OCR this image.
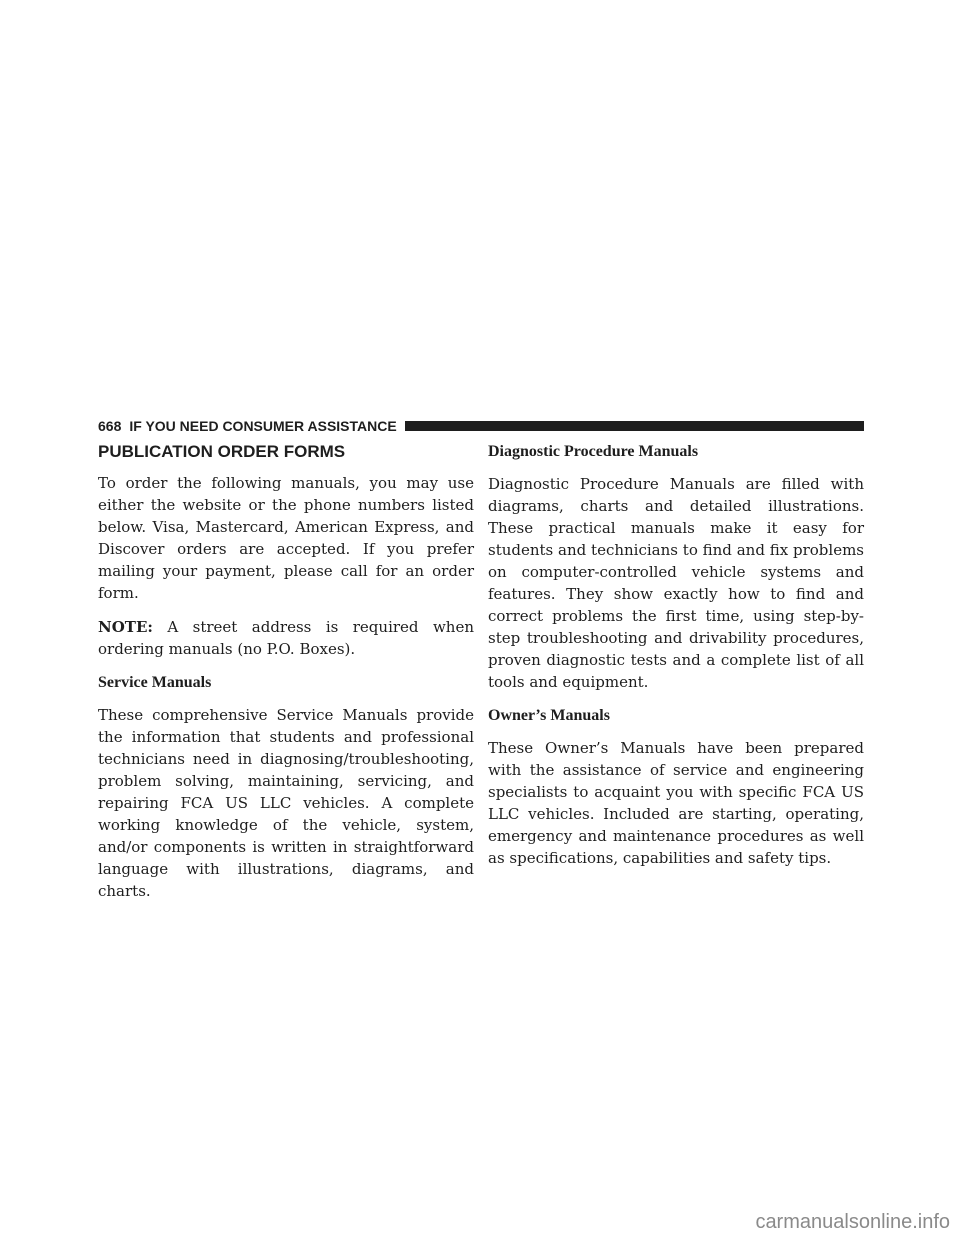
668 IF YOU NEED CONSUMER ASSISTANCE
PUBLICATION ORDER FORMS

To order the following manuals, you may use either the website or the phone numbers listed below. Visa, Mastercard, American Express, and Discover orders are accepted. If you prefer mailing your payment, please call for an order form.

NOTE: A street address is required when ordering manuals (no P.O. Boxes).

Service Manuals

These comprehensive Service Manuals provide the information that students and professional technicians need in diagnosing/troubleshooting, problem solving, maintaining, servicing, and repairing FCA US LLC vehicles. A complete working knowledge of the vehicle, system, and/or components is written in straightforward language with illustrations, diagrams, and charts.

Diagnostic Procedure Manuals

Diagnostic Procedure Manuals are filled with diagrams, charts and detailed illustrations. These practical manuals make it easy for students and technicians to find and fix problems on computer-controlled vehicle systems and features. They show exactly how to find and correct problems the first time, using step-by-step troubleshooting and drivability procedures, proven diagnostic tests and a complete list of all tools and equipment.

Owner’s Manuals

These Owner’s Manuals have been prepared with the assistance of service and engineering specialists to acquaint you with specific FCA US LLC vehicles. Included are starting, operating, emergency and maintenance procedures as well as specifications, capabilities and safety tips.

carmanualsonline.info
